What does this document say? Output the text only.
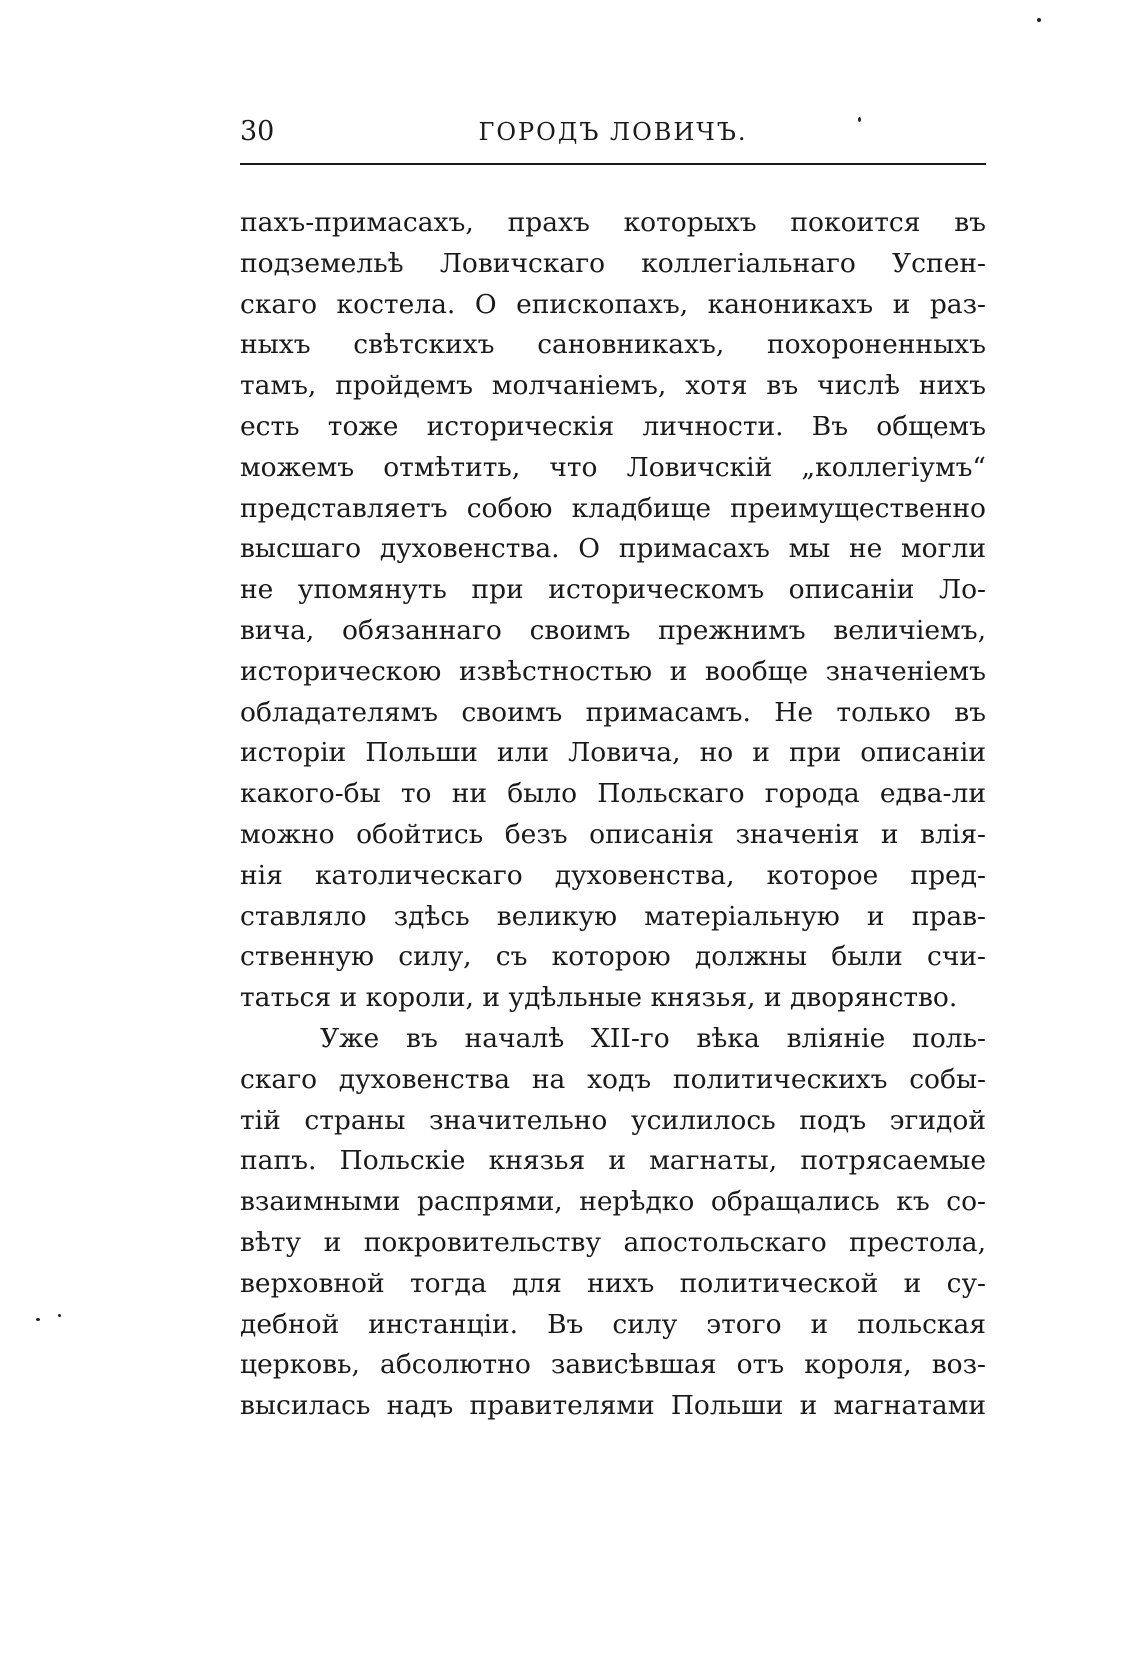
30	ГОРОДЪ ЛОВИЧЪ.
пахъ-примасахъ, прахъ которыхъ покоится въ
подземельѣ Ловичскаго коллегіальнаго Успен-
скаго костела. О епископахъ, каноникахъ и раз-
ныхъ свѣтскихъ сановникахъ, похороненныхъ
тамъ, пройдемъ молчаніемъ, хотя въ числѣ нихъ
есть тоже историческія личности. Въ общемъ
можемъ отмѣтить, что Ловичскій „коллегіумъ“
представляетъ собою кладбище преимущественно
высшаго духовенства. О примасахъ мы не могли
не упомянуть при историческомъ описаніи Ло-
вича, обязаннаго своимъ прежнимъ величіемъ,
историческою извѣстностью и вообще значеніемъ
обладателямъ своимъ примасамъ. Не только въ
исторіи Польши или Ловича, но и при описаніи
какого-бы то ни было Польскаго города едва-ли
можно обойтись безъ описанія значенія и влія-
нія католическаго духовенства, которое пред-
ставляло здѣсь великую матеріальную и прав-
ственную силу, съ которою должны были счи-
таться и короли, и удѣльные князья, и дворянство.
Уже въ началѣ XII-го вѣка вліяніе поль-
скаго духовенства на ходъ политическихъ собы-
тій страны значительно усилилось подъ эгидой
папъ. Польскіе князья и магнаты, потрясаемые
взаимными распрями, нерѣдко обращались къ со-
вѣту и покровительству апостольскаго престола,
верховной тогда для нихъ политической и су-
дебной инстанціи. Въ силу этого и польская
церковь, абсолютно зависѣвшая отъ короля, воз-
высилась надъ правителями Польши и магнатами
